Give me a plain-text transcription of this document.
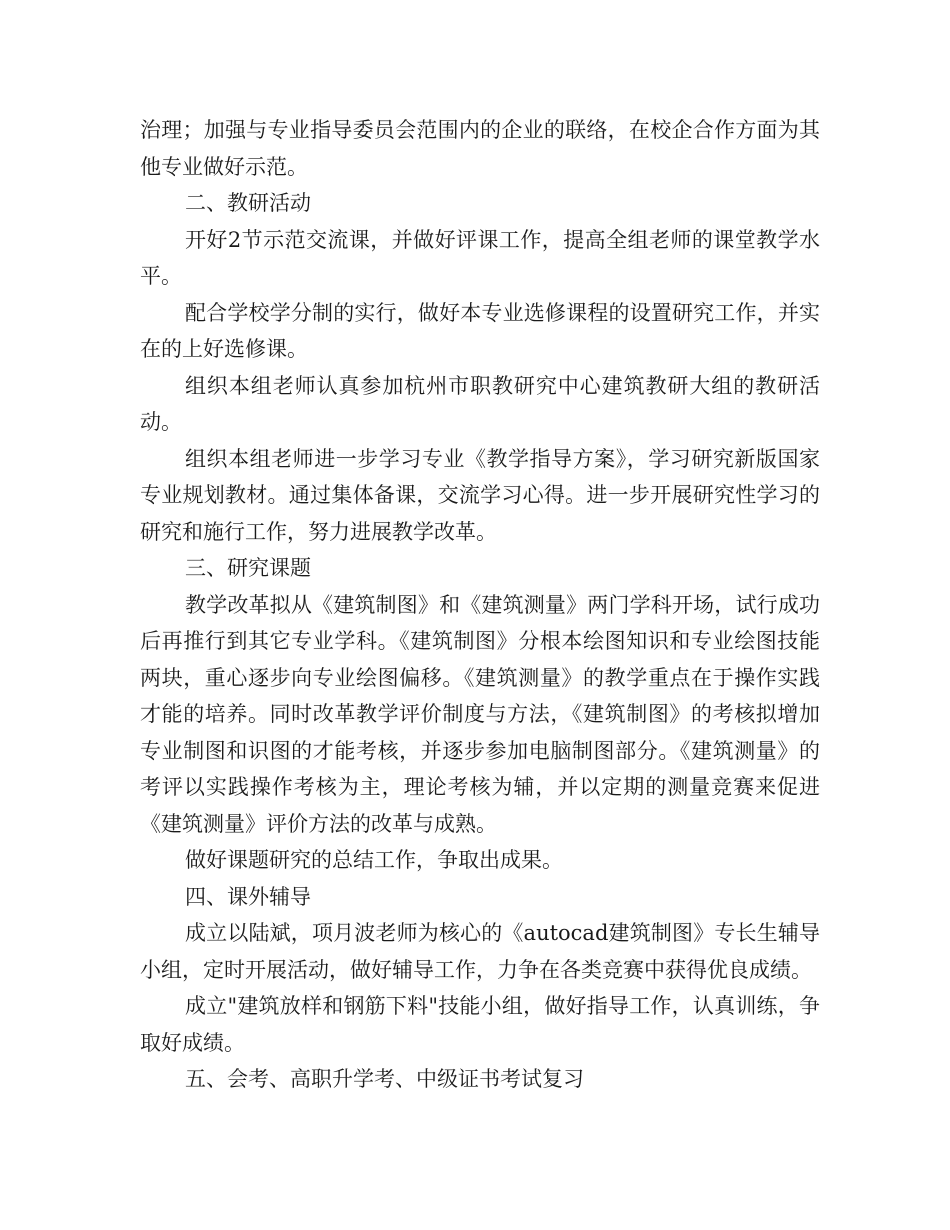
治理；加强与专业指导委员会范围内的企业的联络，在校企合作方面为其他专业做好示范。

二、教研活动

开好2节示范交流课，并做好评课工作，提高全组老师的课堂教学水平。

配合学校学分制的实行，做好本专业选修课程的设置研究工作，并实在的上好选修课。

组织本组老师认真参加杭州市职教研究中心建筑教研大组的教研活动。

组织本组老师进一步学习专业《教学指导方案》，学习研究新版国家专业规划教材。通过集体备课，交流学习心得。进一步开展研究性学习的研究和施行工作，努力进展教学改革。

三、研究课题

教学改革拟从《建筑制图》和《建筑测量》两门学科开场，试行成功后再推行到其它专业学科。《建筑制图》分根本绘图知识和专业绘图技能两块，重心逐步向专业绘图偏移。《建筑测量》的教学重点在于操作实践才能的培养。同时改革教学评价制度与方法，《建筑制图》的考核拟增加专业制图和识图的才能考核，并逐步参加电脑制图部分。《建筑测量》的考评以实践操作考核为主，理论考核为辅，并以定期的测量竞赛来促进《建筑测量》评价方法的改革与成熟。

做好课题研究的总结工作，争取出成果。

四、课外辅导

成立以陆斌，项月波老师为核心的《autocad建筑制图》专长生辅导小组，定时开展活动，做好辅导工作，力争在各类竞赛中获得优良成绩。

成立"建筑放样和钢筋下料"技能小组，做好指导工作，认真训练，争取好成绩。

五、会考、高职升学考、中级证书考试复习
